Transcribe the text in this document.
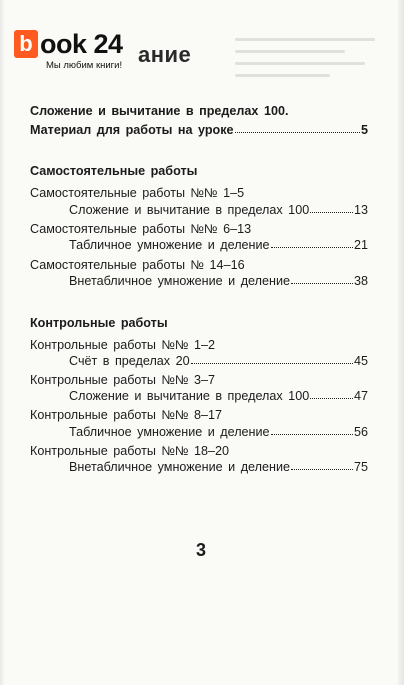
ание
b ook 24
Мы любим книги!
Сложение и вычитание в пределах 100.
Материал для работы на уроке	5
Самостоятельные работы
Самостоятельные работы №№ 1–5
Сложение и вычитание в пределах 100	13
Самостоятельные работы №№ 6–13
Табличное умножение и деление	21
Самостоятельные работы № 14–16
Внетабличное умножение и деление	38
Контрольные работы
Контрольные работы №№ 1–2
Счёт в пределах 20	45
Контрольные работы №№ 3–7
Сложение и вычитание в пределах 100	47
Контрольные работы №№ 8–17
Табличное умножение и деление	56
Контрольные работы №№ 18–20
Внетабличное умножение и деление	75
3
